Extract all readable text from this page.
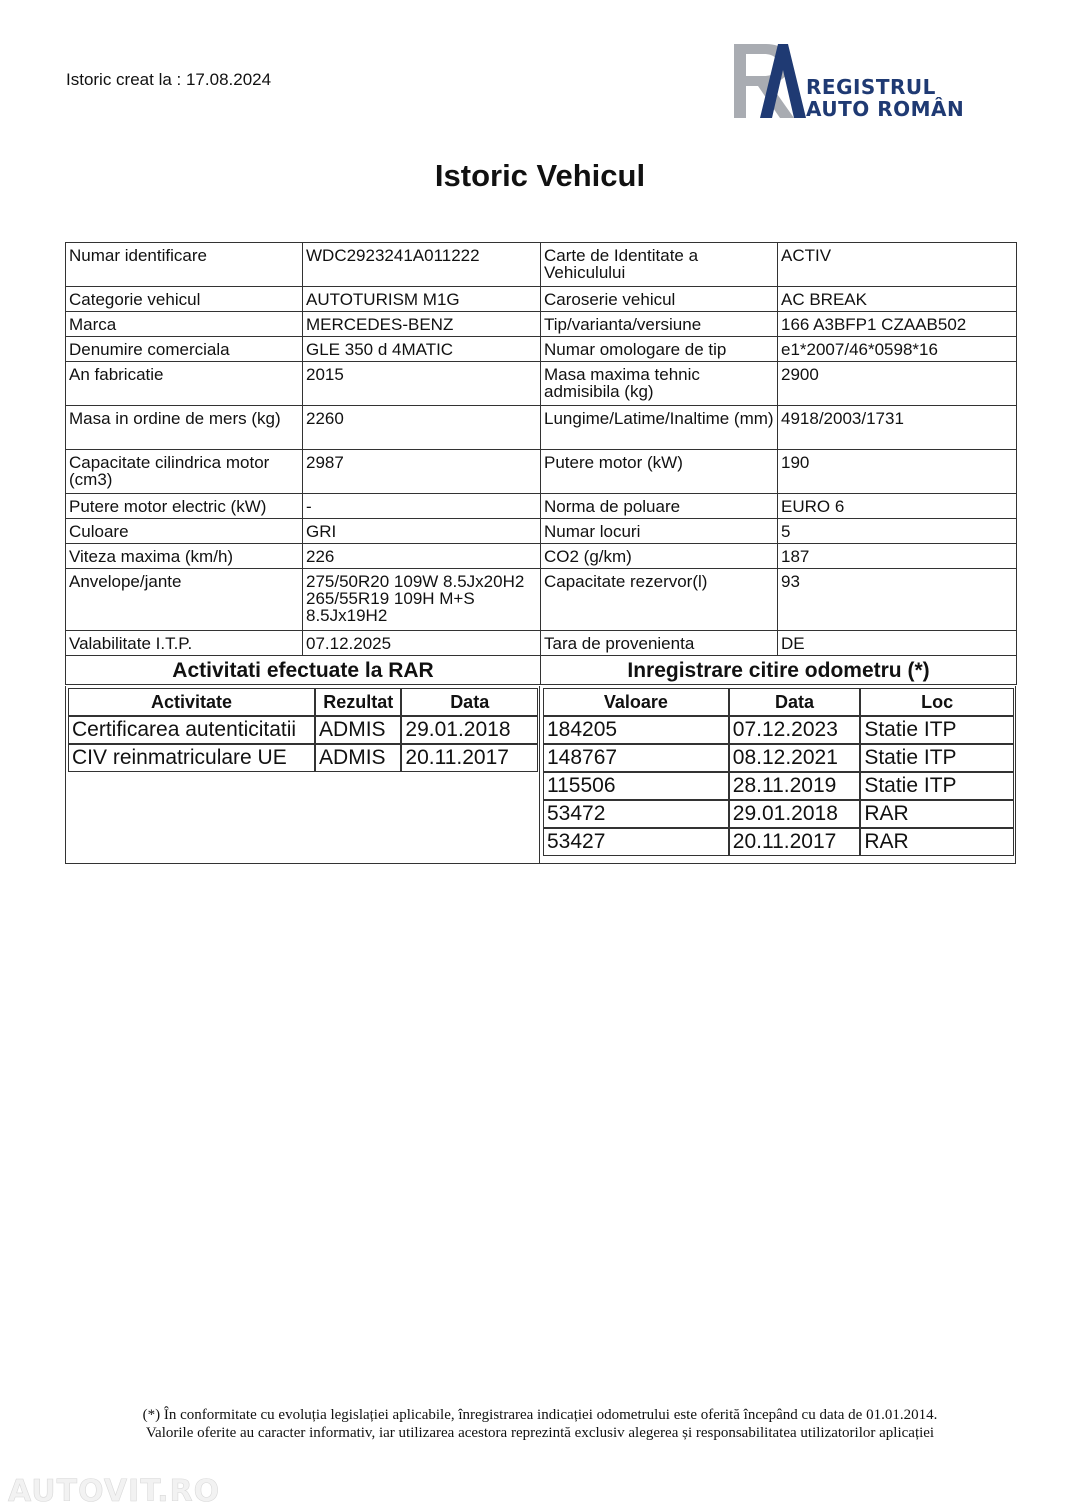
Istoric creat la : 17.08.2024	REGISTRUL
AUTO ROMÂN
Istoric Vehicul
Numar identificare	WDC2923241A011222	Carte de Identitate a Vehiculului	ACTIV
Categorie vehicul	AUTOTURISM M1G	Caroserie vehicul	AC BREAK
Marca	MERCEDES-BENZ	Tip/varianta/versiune	166 A3BFP1 CZAAB502
Denumire comerciala	GLE 350 d 4MATIC	Numar omologare de tip	e1*2007/46*0598*16
An fabricatie	2015	Masa maxima tehnic admisibila (kg)	2900
Masa in ordine de mers (kg)	2260	Lungime/Latime/Inaltime (mm)	4918/2003/1731
Capacitate cilindrica motor (cm3)	2987	Putere motor (kW)	190
Putere motor electric (kW)	-	Norma de poluare	EURO 6
Culoare	GRI	Numar locuri	5
Viteza maxima (km/h)	226	CO2 (g/km)	187
Anvelope/jante	275/50R20 109W 8.5Jx20H2 265/55R19 109H M+S 8.5Jx19H2	Capacitate rezervor(l)	93
Valabilitate I.T.P.	07.12.2025	Tara de provenienta	DE
Activitati efectuate la RAR		Inregistrare citire odometru (*)	
Activitate	Rezultat	Data
Certificarea autenticitatii	ADMIS	29.01.2018
CIV reinmatriculare UE	ADMIS	20.11.2017
Valoare	Data	Loc
184205	07.12.2023	Statie ITP
148767	08.12.2021	Statie ITP
115506	28.11.2019	Statie ITP
53472	29.01.2018	RAR
53427	20.11.2017	RAR
(*) În conformitate cu evoluția legislației aplicabile, înregistrarea indicației odometrului este oferită începând cu data de 01.01.2014.
Valorile oferite au caracter informativ, iar utilizarea acestora reprezintă exclusiv alegerea și responsabilitatea utilizatorilor aplicației
AUTOVIT.RO
